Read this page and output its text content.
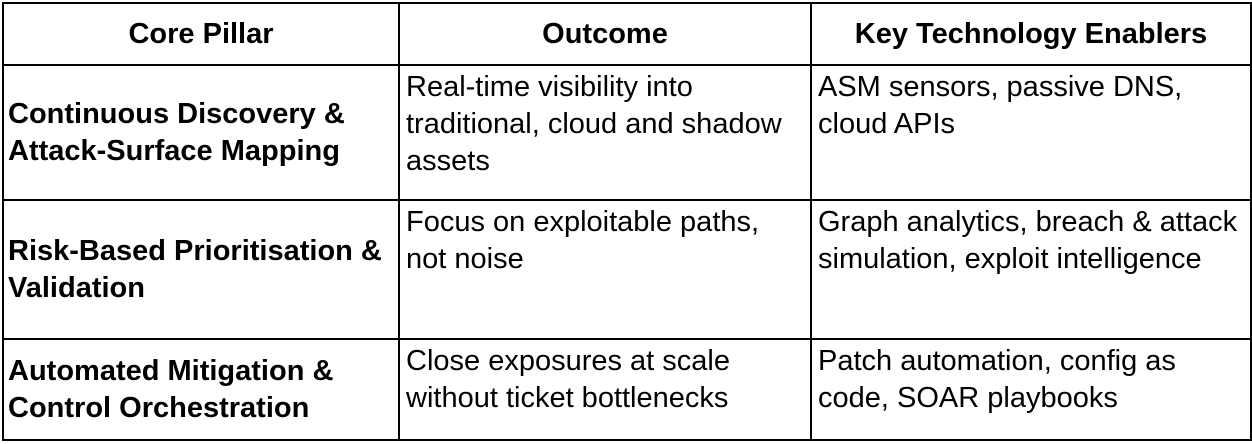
Core Pillar	Outcome	Key Technology Enablers
Continuous Discovery & Attack-Surface Mapping	Real-time visibility into traditional, cloud and shadow assets	ASM sensors, passive DNS, cloud APIs
Risk-Based Prioritisation & Validation	Focus on exploitable paths, not noise	Graph analytics, breach & attack simulation, exploit intelligence
Automated Mitigation & Control Orchestration	Close exposures at scale without ticket bottlenecks	Patch automation, config as code, SOAR playbooks
